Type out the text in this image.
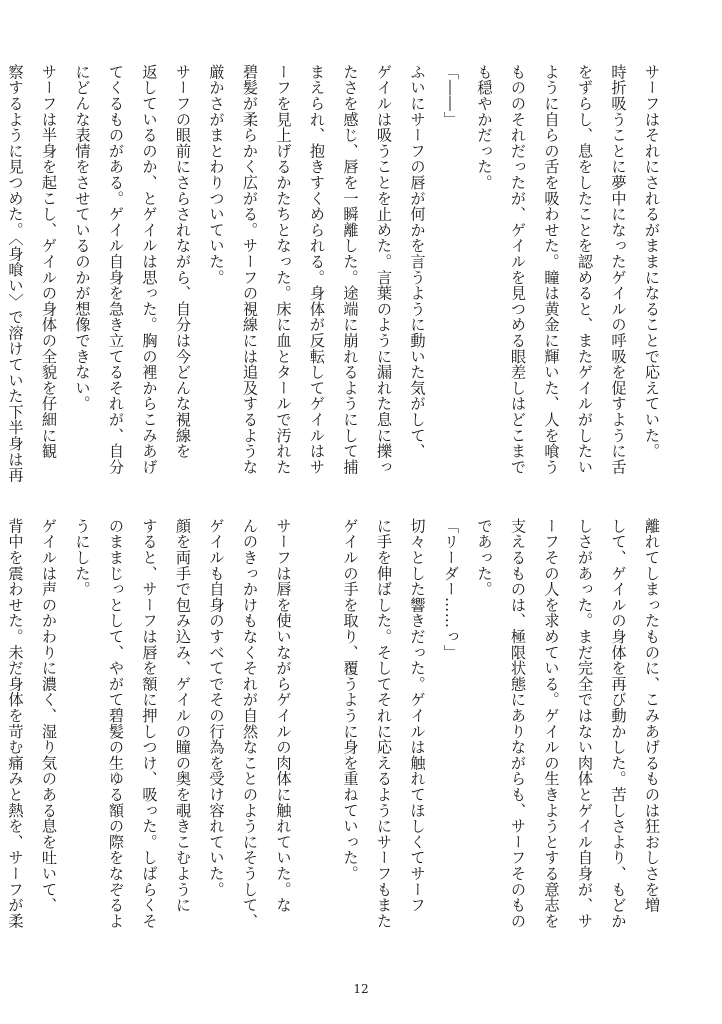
サーフはそれにされるがままになることで応えていた。
時折吸うことに夢中になったゲイルの呼吸を促すように舌
をずらし、息をしたことを認めると、またゲイルがしたい
ように自らの舌を吸わせた。瞳は黄金に輝いた、人を喰う
もののそれだったが、ゲイルを見つめる眼差しはどこまで
も穏やかだった。
「――」
ふいにサーフの唇が何かを言うように動いた気がして、
ゲイルは吸うことを止めた。言葉のように漏れた息に擽っ
たさを感じ、唇を一瞬離した。途端に崩れるようにして捕
まえられ、抱きすくめられる。身体が反転してゲイルはサ
ーフを見上げるかたちとなった。床に血とタールで汚れた
碧髪が柔らかく広がる。サーフの視線には追及するような
厳かさがまとわりついていた。
サーフの眼前にさらされながら、自分は今どんな視線を
返しているのか、とゲイルは思った。胸の裡からこみあげ
てくるものがある。ゲイル自身を急き立てるそれが、自分
にどんな表情をさせているのかが想像できない。
サーフは半身を起こし、ゲイルの身体の全貌を仔細に観
察するように見つめた。〈身喰い〉で溶けていた下半身は再
離れてしまったものに、こみあげるものは狂おしさを増
して、ゲイルの身体を再び動かした。苦しさより、もどか
しさがあった。まだ完全ではない肉体とゲイル自身が、サ
ーフその人を求めている。ゲイルの生きようとする意志を
支えるものは、極限状態にありながらも、サーフそのもの
であった。
「リーダー……っ」
切々とした響きだった。ゲイルは触れてほしくてサーフ
に手を伸ばした。そしてそれに応えるようにサーフもまた
ゲイルの手を取り、覆うように身を重ねていった。

サーフは唇を使いながらゲイルの肉体に触れていた。な
んのきっかけもなくそれが自然なことのようにそうして、
ゲイルも自身のすべてでその行為を受け容れていた。
顔を両手で包み込み、ゲイルの瞳の奥を覗きこむように
すると、サーフは唇を額に押しつけ、吸った。しばらくそ
のままじっとして、やがて碧髪の生ゆる額の際をなぞるよ
うにした。
ゲイルは声のかわりに濃く、湿り気のある息を吐いて、
背中を震わせた。未だ身体を苛む痛みと熱を、サーフが柔
12
